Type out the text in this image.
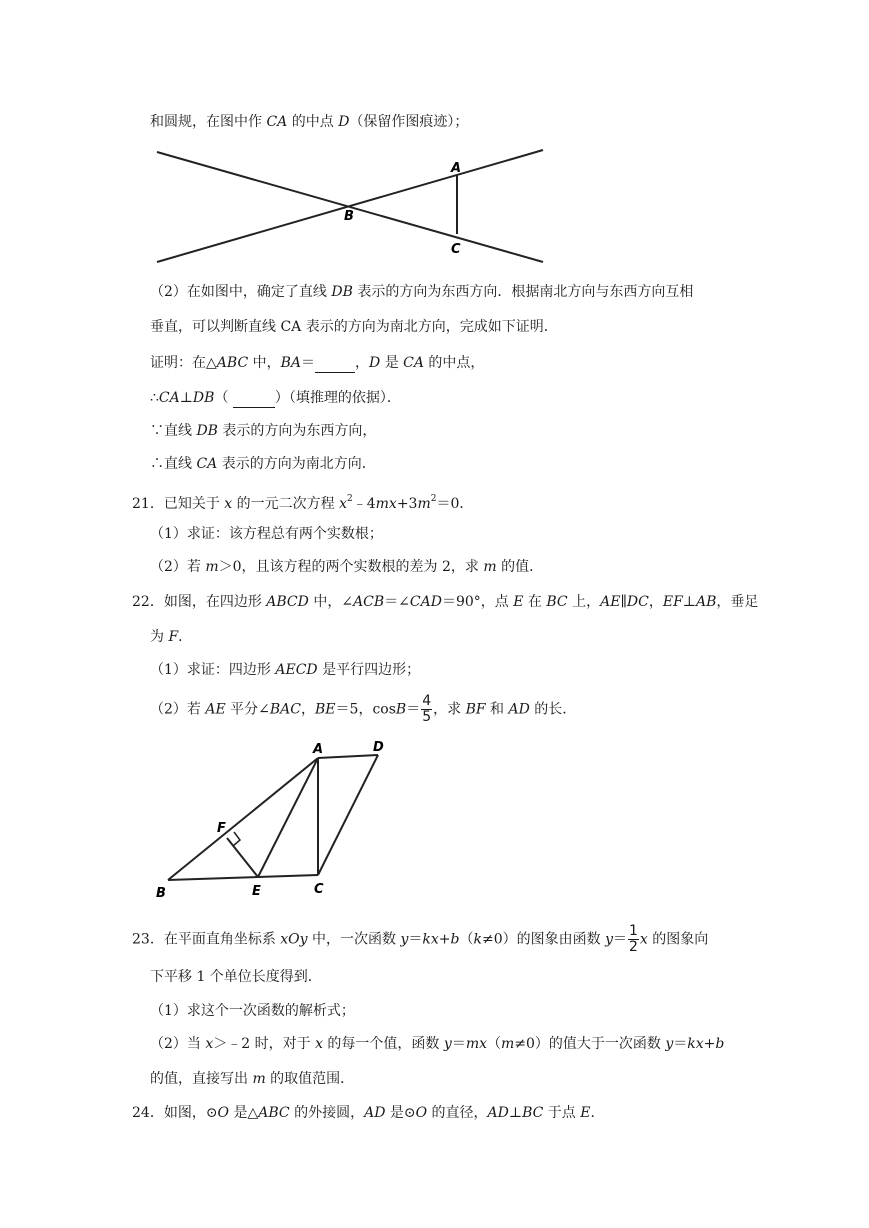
和圆规，在图中作 CA 的中点 D（保留作图痕迹）；
A
B
C
（2）在如图中，确定了直线 DB 表示的方向为东西方向．根据南北方向与东西方向互相
垂直，可以判断直线 CA 表示的方向为南北方向，完成如下证明．
证明：在△ABC 中，BA＝	，D 是 CA 的中点，
∴CA⊥DB（	）（填推理的依据）．
∵直线 DB 表示的方向为东西方向，
∴直线 CA 表示的方向为南北方向．
21．已知关于 x 的一元二次方程 $x^2﹣4mx+3m^2=0$．
（1）求证：该方程总有两个实数根；
（2）若 m＞0，且该方程的两个实数根的差为 2，求 m 的值．
22．如图，在四边形 ABCD 中，∠ACB＝∠CAD＝90°，点 E 在 BC 上，AE∥DC，EF⊥AB，垂足
为 F．
（1）求证：四边形 AECD 是平行四边形；
（2）若 AE 平分∠BAC，BE＝5，$\cos B= \frac{4}{5}$ ，求 BF 和 AD 的长．
A	D
F
B	E	C
23．在平面直角坐标系 xOy 中，一次函数 y＝kx+b（k≠0）的图象由函数 $y= \frac{1}{2}$ x 的图象向
下平移 1 个单位长度得到．
（1）求这个一次函数的解析式；
（2）当 x＞﹣2 时，对于 x 的每一个值，函数 y＝mx（m≠0）的值大于一次函数 y＝kx+b
的值，直接写出 m 的取值范围．
24．如图，⊙O 是△ABC 的外接圆，AD 是⊙O 的直径，AD⊥BC 于点 E．
